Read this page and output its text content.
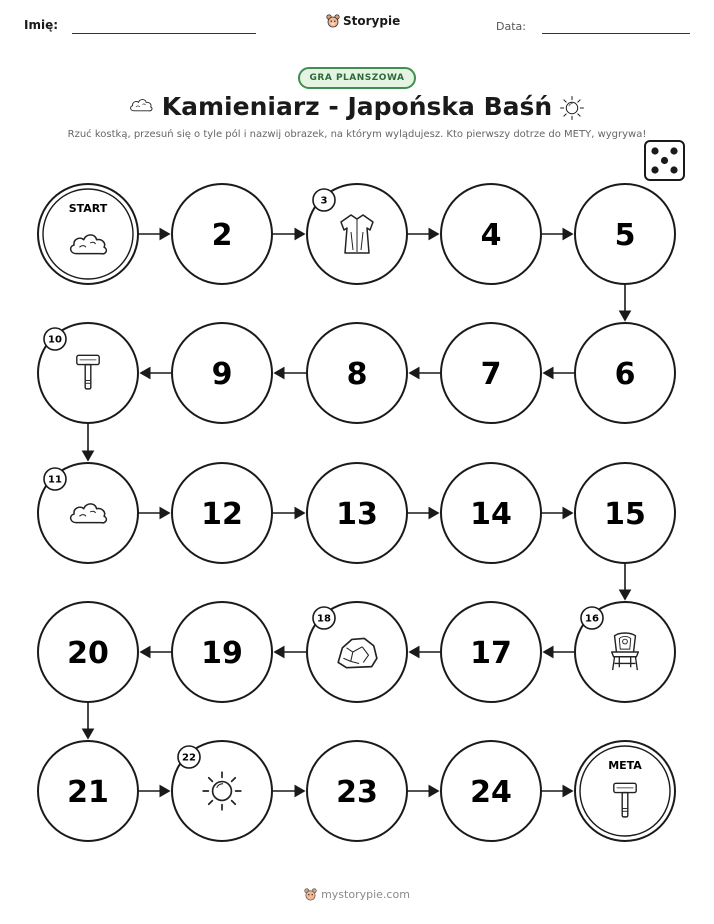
Imię:	Storypie	Data:
GRA PLANSZOWA
Kamieniarz - Japońska Baśń
Rzuć kostką, przesuń się o tyle pól i nazwij obrazek, na którym wylądujesz. Kto pierwszy dotrze do METY, wygrywa!
START
2
3
4	5
6
7
8
9
10
11
12	13	14	15
16
17
18
19
20
21
22
23	24
META
mystorypie.com
